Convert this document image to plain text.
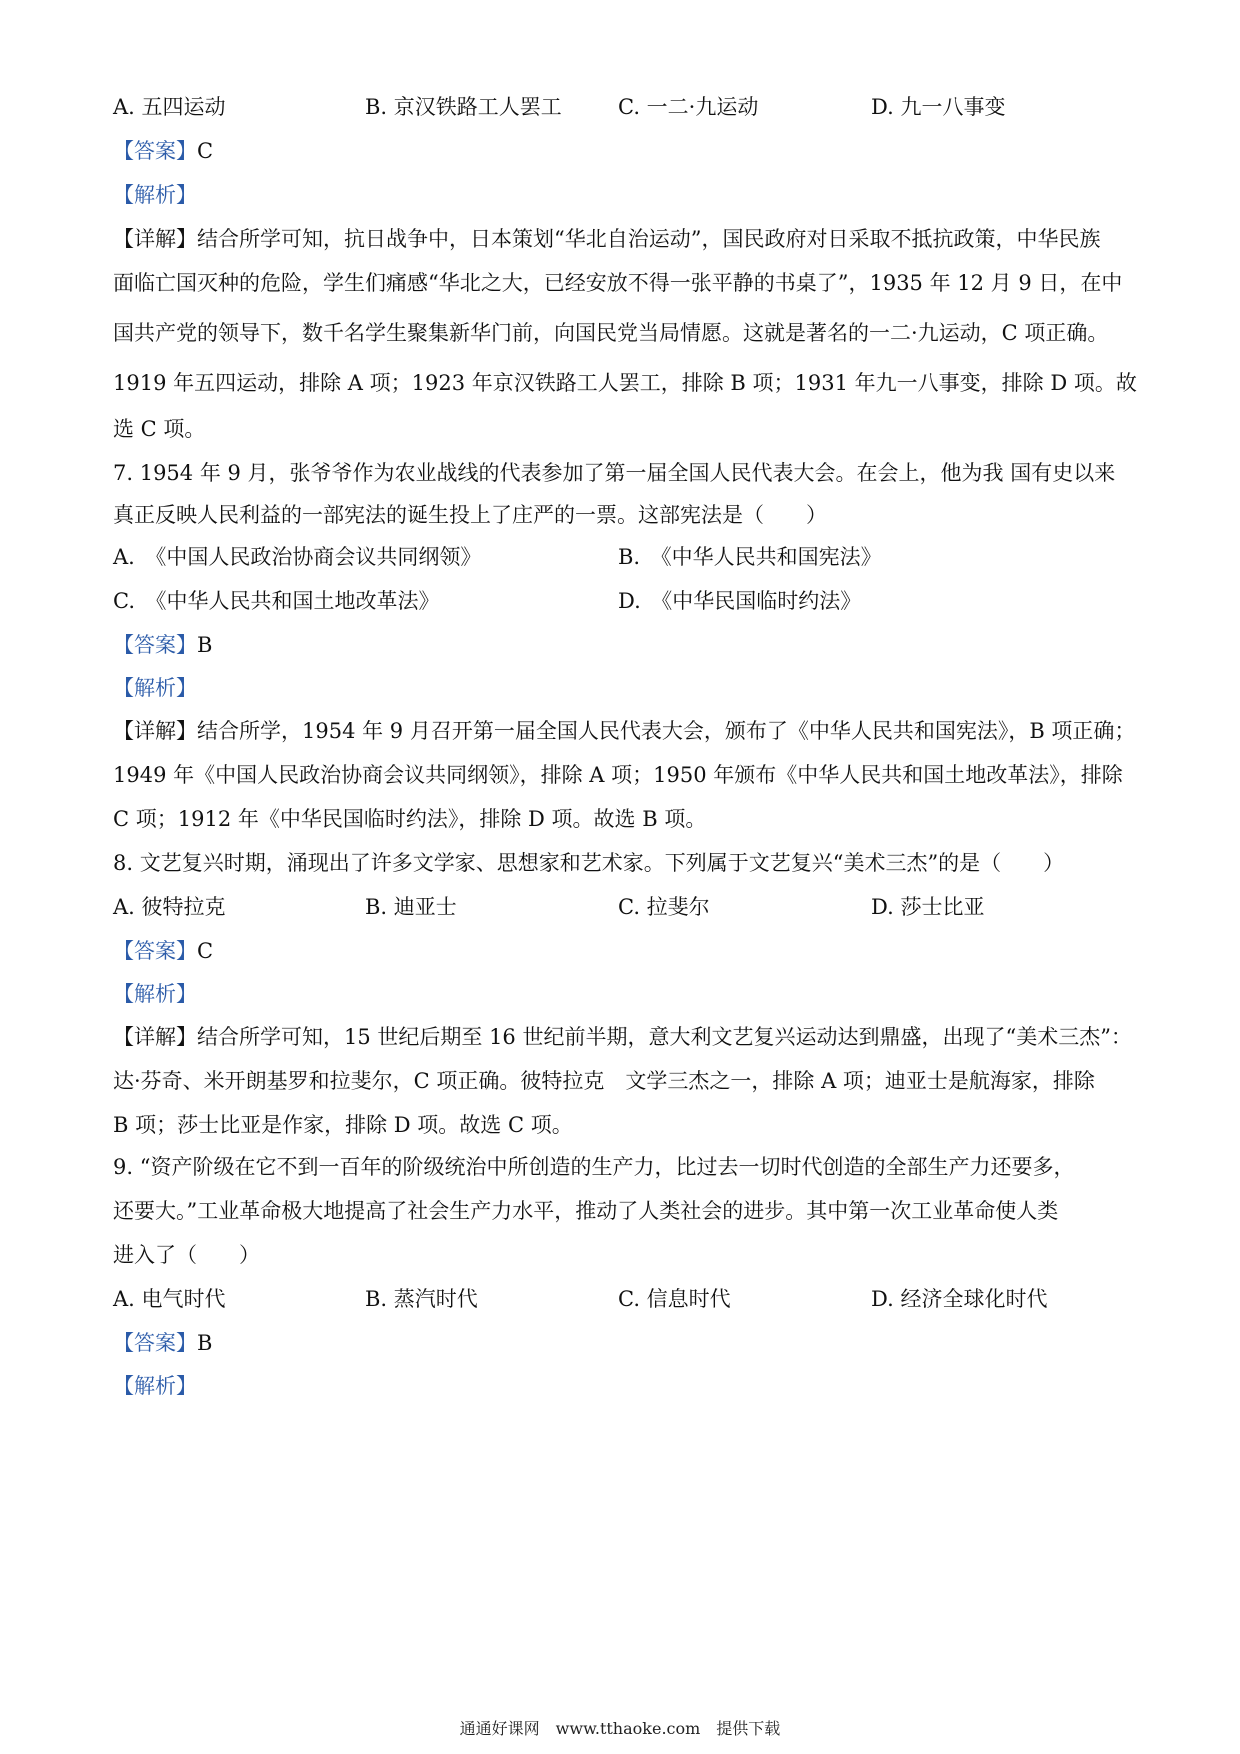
A. 五四运动	B. 京汉铁路工人罢工	C. 一二·九运动	D. 九一八事变
【答案】C
【解析】
【详解】结合所学可知，抗日战争中，日本策划“华北自治运动”，国民政府对日采取不抵抗政策，中华民族
面临亡国灭种的危险，学生们痛感“华北之大，已经安放不得一张平静的书桌了”，1935 年 12 月 9 日，在中
国共产党的领导下，数千名学生聚集新华门前，向国民党当局情愿。这就是著名的一二·九运动，C 项正确。
1919 年五四运动，排除 A 项；1923 年京汉铁路工人罢工，排除 B 项；1931 年九一八事变，排除 D 项。故
选 C 项。
7. 1954 年 9 月，张爷爷作为农业战线的代表参加了第一届全国人民代表大会。在会上，他为我 国有史以来
真正反映人民利益的一部宪法的诞生投上了庄严的一票。这部宪法是（　　）
A.　《中国人民政治协商会议共同纲领》	B.　《中华人民共和国宪法》
C.　《中华人民共和国土地改革法》	D.　《中华民国临时约法》
【答案】B
【解析】
【详解】结合所学，1954 年 9 月召开第一届全国人民代表大会，颁布了《中华人民共和国宪法》，B 项正确；
1949 年《中国人民政治协商会议共同纲领》，排除 A 项；1950 年颁布《中华人民共和国土地改革法》，排除
C 项；1912 年《中华民国临时约法》，排除 D 项。故选 B 项。
8. 文艺复兴时期，涌现出了许多文学家、思想家和艺术家。下列属于文艺复兴“美术三杰”的是（　　）
A. 彼特拉克	B. 迪亚士	C. 拉斐尔	D. 莎士比亚
【答案】C
【解析】
【详解】结合所学可知，15 世纪后期至 16 世纪前半期，意大利文艺复兴运动达到鼎盛，出现了“美术三杰”：
达·芬奇、米开朗基罗和拉斐尔，C 项正确。彼特拉克　文学三杰之一，排除 A 项；迪亚士是航海家，排除
B 项；莎士比亚是作家，排除 D 项。故选 C 项。
9. “资产阶级在它不到一百年的阶级统治中所创造的生产力，比过去一切时代创造的全部生产力还要多，
还要大。”工业革命极大地提高了社会生产力水平，推动了人类社会的进步。其中第一次工业革命使人类
进入了（　　）
A. 电气时代	B. 蒸汽时代	C. 信息时代	D. 经济全球化时代
【答案】B
【解析】
通通好课网　www.tthaoke.com　提供下载
